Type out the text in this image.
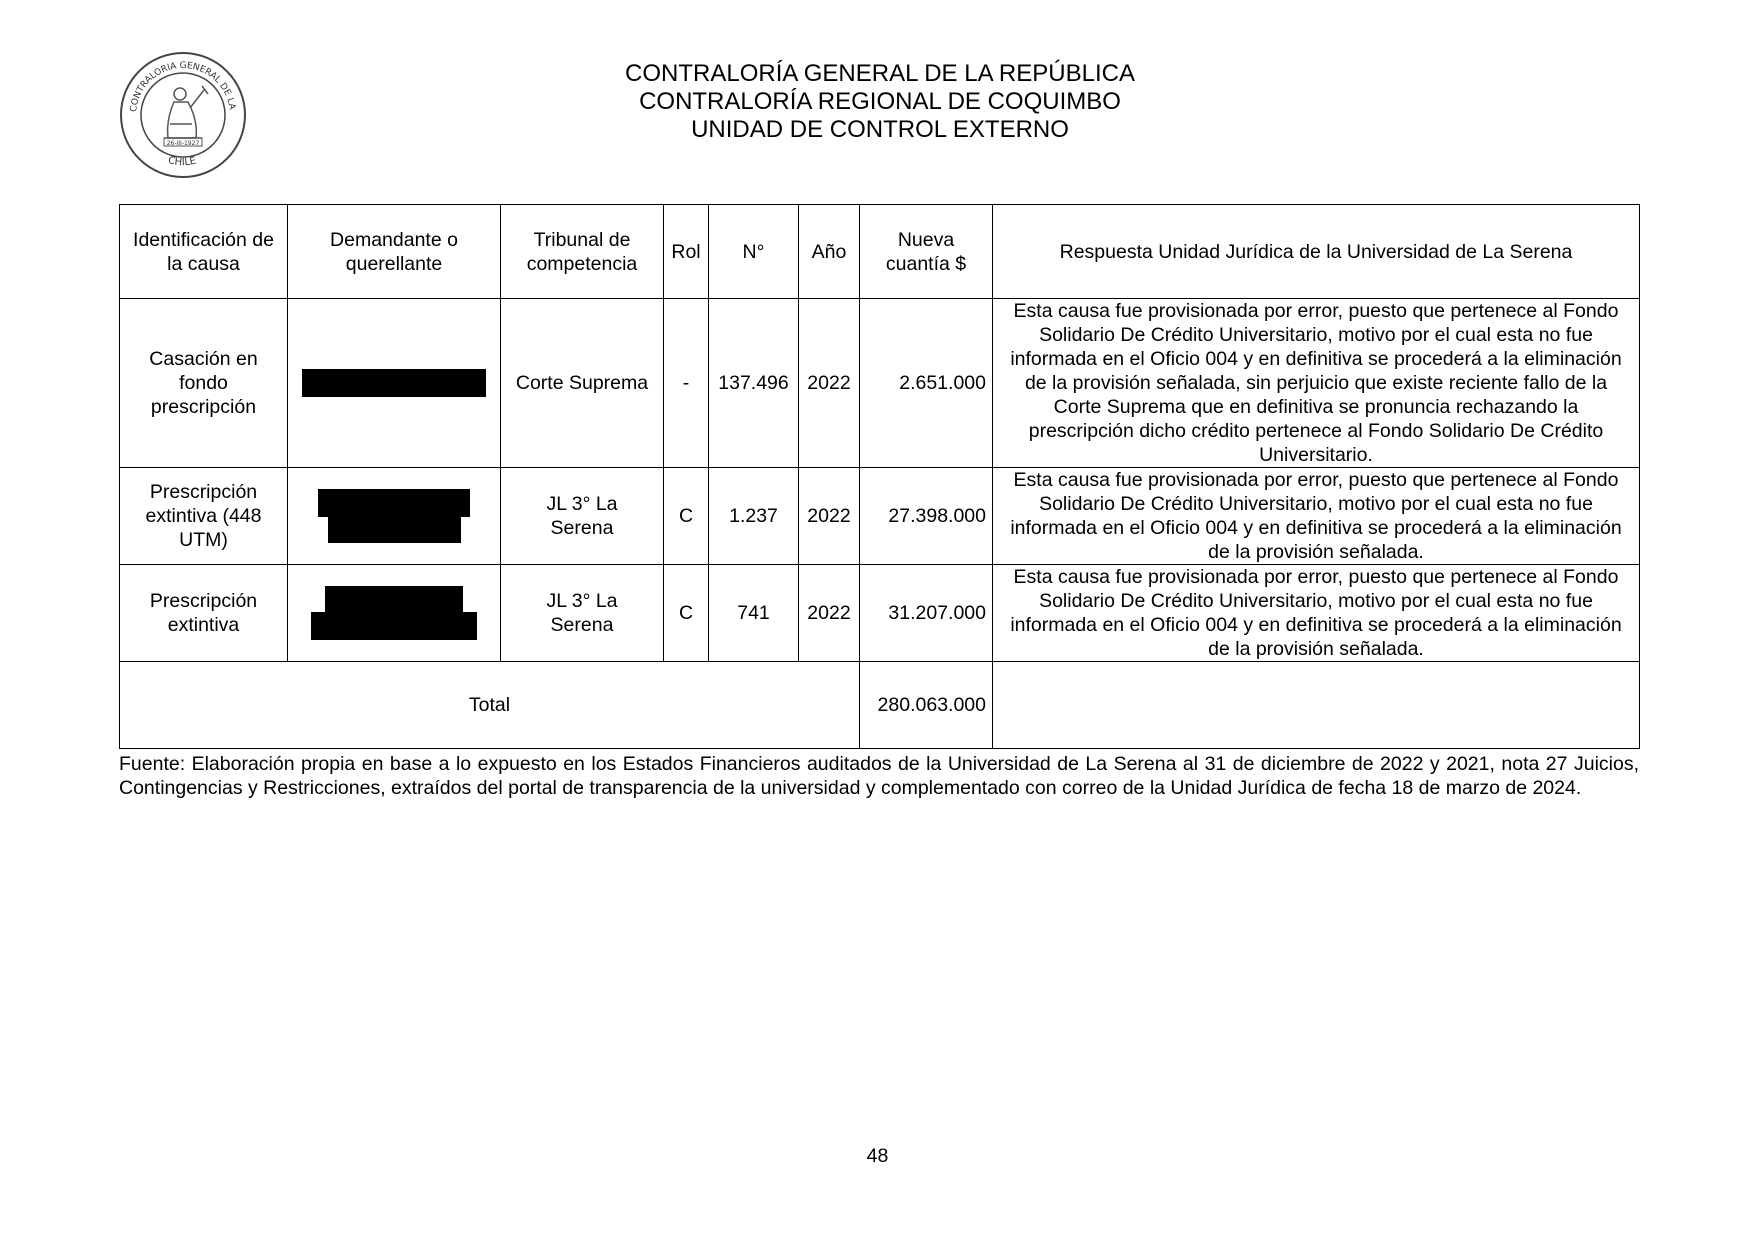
CONTRALORIA GENERAL DE LA
CHILE
26-III-1927
CONTRALORÍA GENERAL DE LA REPÚBLICA
CONTRALORÍA REGIONAL DE COQUIMBO
UNIDAD DE CONTROL EXTERNO
Identificación de la causa	Demandante o querellante	Tribunal de competencia	Rol	N°	Año	Nueva cuantía $	Respuesta Unidad Jurídica de la Universidad de La Serena
Casación en fondo prescripción		Corte Suprema	-	137.496	2022	2.651.000	Esta causa fue provisionada por error, puesto que pertenece al Fondo Solidario De Crédito Universitario, motivo por el cual esta no fue informada en el Oficio 004 y en definitiva se procederá a la eliminación de la provisión señalada, sin perjuicio que existe reciente fallo de la Corte Suprema que en definitiva se pronuncia rechazando la prescripción dicho crédito pertenece al Fondo Solidario De Crédito Universitario.
Prescripción extintiva (448 UTM)		JL 3° La Serena	C	1.237	2022	27.398.000	Esta causa fue provisionada por error, puesto que pertenece al Fondo Solidario De Crédito Universitario, motivo por el cual esta no fue informada en el Oficio 004 y en definitiva se procederá a la eliminación de la provisión señalada.
Prescripción extintiva		JL 3° La Serena	C	741	2022	31.207.000	Esta causa fue provisionada por error, puesto que pertenece al Fondo Solidario De Crédito Universitario, motivo por el cual esta no fue informada en el Oficio 004 y en definitiva se procederá a la eliminación de la provisión señalada.
Total						280.063.000	
Fuente: Elaboración propia en base a lo expuesto en los Estados Financieros auditados de la Universidad de La Serena al 31 de diciembre de 2022 y 2021, nota 27 Juicios, Contingencias y Restricciones, extraídos del portal de transparencia de la universidad y complementado con correo de la Unidad Jurídica de fecha 18 de marzo de 2024.
48
